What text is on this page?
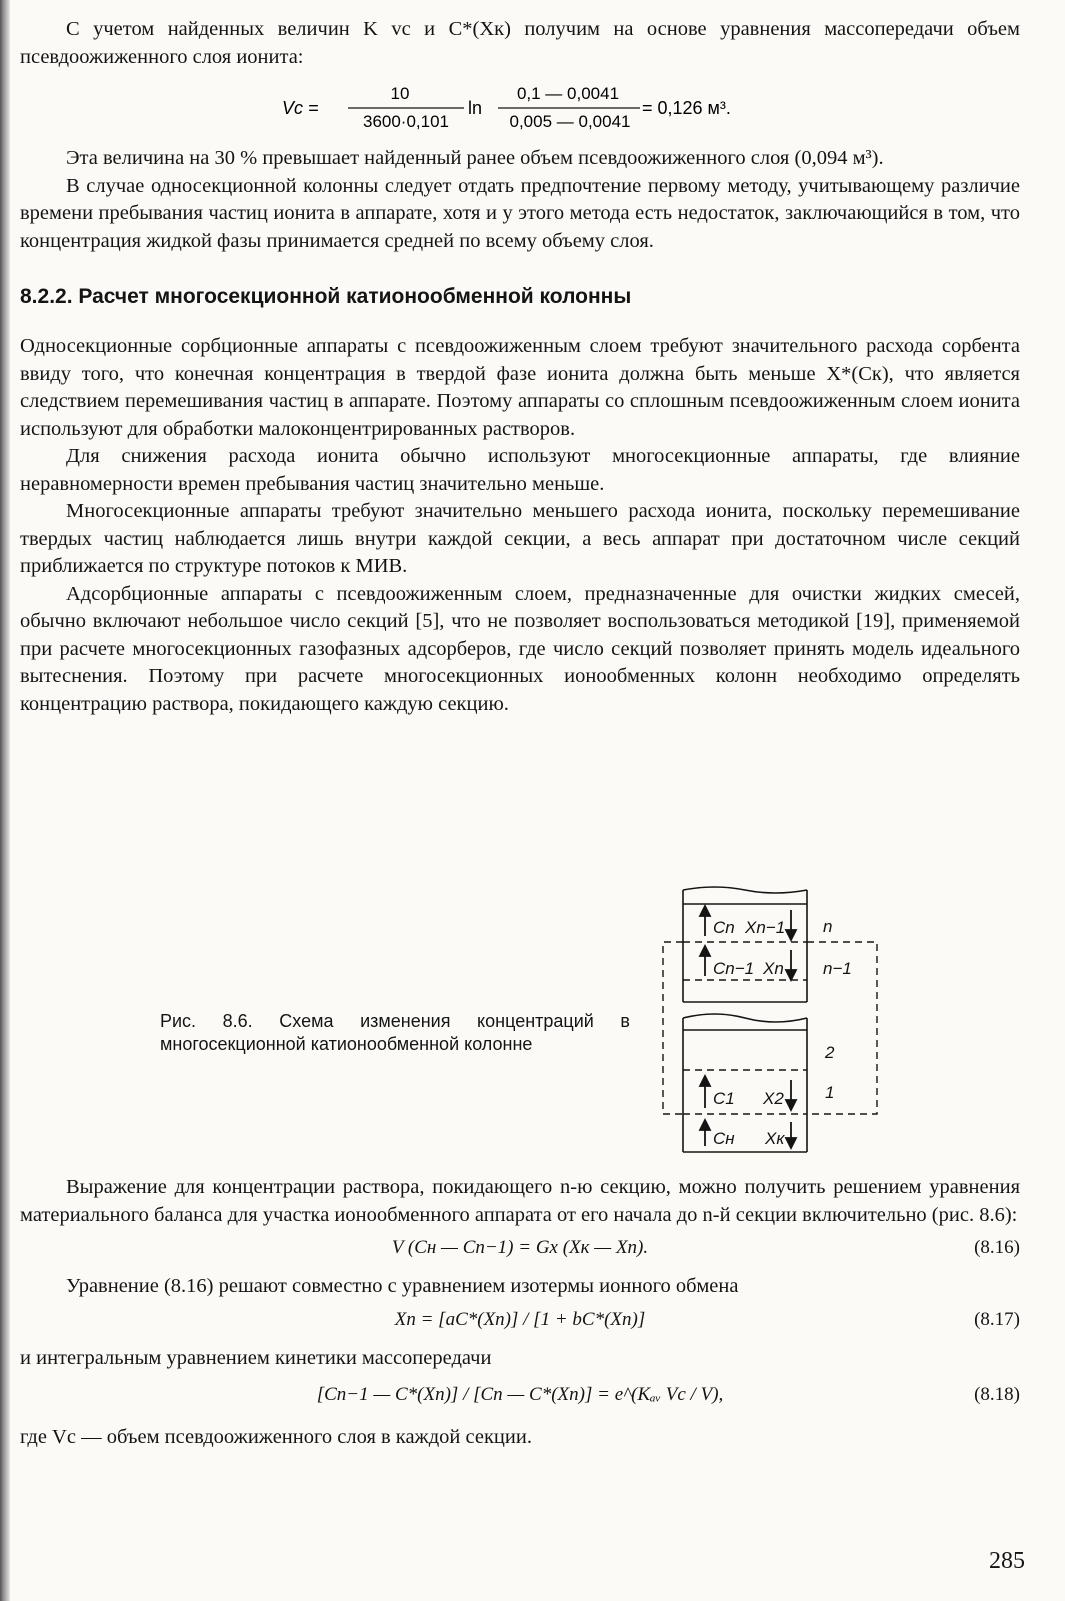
С учетом найденных величин K vc и C*(Xк) получим на основе уравнения массопередачи объем псевдоожиженного слоя ионита:

Vc =
10
3600·0,101
ln
0,1 — 0,0041
0,005 — 0,0041
= 0,126 м³.

Эта величина на 30 % превышает найденный ранее объем псевдоожиженного слоя (0,094 м³).

В случае односекционной колонны следует отдать предпочтение первому методу, учитывающему различие времени пребывания частиц ионита в аппарате, хотя и у этого метода есть недостаток, заключающийся в том, что концентрация жидкой фазы принимается средней по всему объему слоя.

8.2.2. Расчет многосекционной катионообменной колонны

Односекционные сорбционные аппараты с псевдоожиженным слоем требуют значительного расхода сорбента ввиду того, что конечная концентрация в твердой фазе ионита должна быть меньше X*(Cк), что является следствием перемешивания частиц в аппарате. Поэтому аппараты со сплошным псевдоожиженным слоем ионита используют для обработки малоконцентрированных растворов.

Для снижения расхода ионита обычно используют многосекционные аппараты, где влияние неравномерности времен пребывания частиц значительно меньше.

Многосекционные аппараты требуют значительно меньшего расхода ионита, поскольку перемешивание твердых частиц наблюдается лишь внутри каждой секции, а весь аппарат при достаточном числе секций приближается по структуре потоков к МИВ.

Адсорбционные аппараты с псевдоожиженным слоем, предназначенные для очистки жидких смесей, обычно включают небольшое число секций [5], что не позволяет воспользоваться методикой [19], применяемой при расчете многосекционных газофазных адсорберов, где число секций позволяет принять модель идеального вытеснения. Поэтому при расчете многосекционных ионообменных колонн необходимо определять концентрацию раствора, покидающего каждую секцию.

Рис. 8.6. Схема изменения концентраций в многосекционной катионообменной колонне
Cn Xn−1
Cn−1 Xn
C1 X2
Cн Xк
n
n−1
2
1

Выражение для концентрации раствора, покидающего n-ю секцию, можно получить решением уравнения материального баланса для участка ионообменного аппарата от его начала до n-й секции включительно (рис. 8.6):

V (Cн — Cn−1) = Gx (Xк — Xn).	(8.16)

Уравнение (8.16) решают совместно с уравнением изотермы ионного обмена

Xn = [aC*(Xn)] / [1 + bC*(Xn)]	(8.17)

и интегральным уравнением кинетики массопередачи

[Cn−1 — C*(Xn)] / [Cn — C*(Xn)] = e^(Kₐᵥ Vc / V),	(8.18)

где Vc — объем псевдоожиженного слоя в каждой секции.

285
